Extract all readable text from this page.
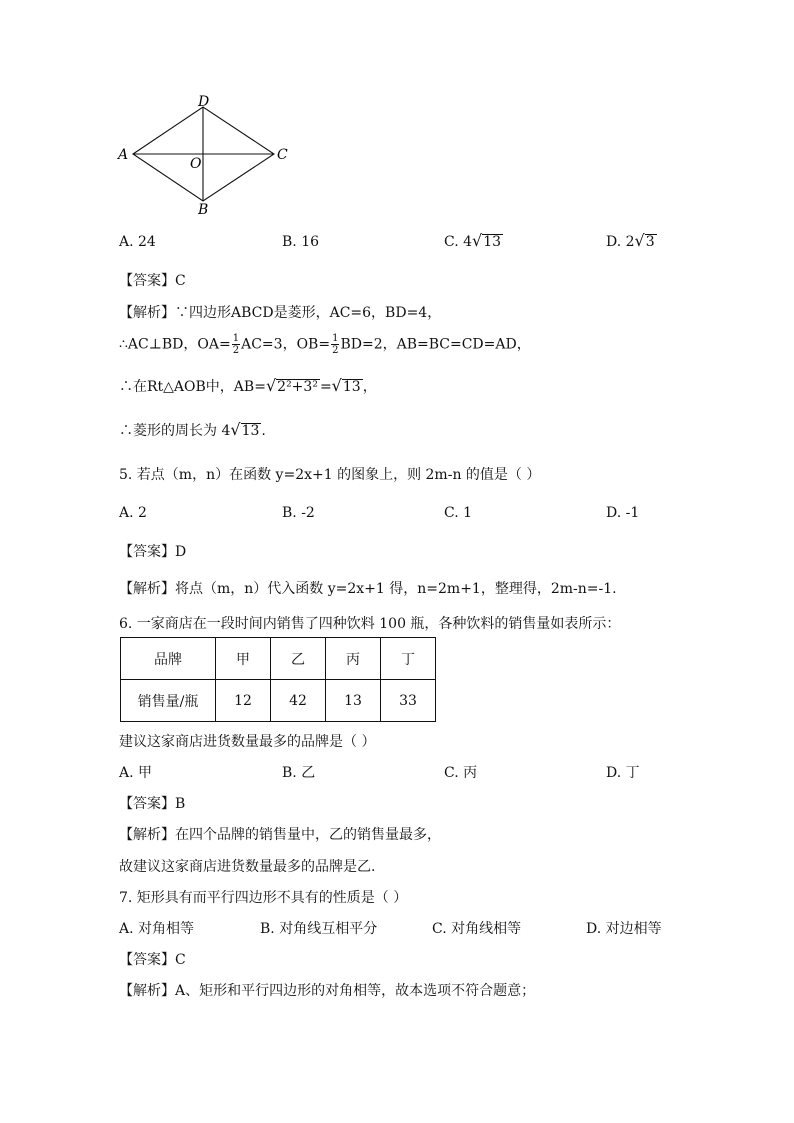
D
A
O
C
B
A. 24	B. 16	C. 4√13	D. 2√3
【答案】C
【解析】∵四边形ABCD是菱形，AC=6，BD=4，
∴AC⊥BD，$OA= \frac{1}{2} AC=3$，$OB= \frac{1}{2} BD=2$，AB=BC=CD=AD，
∴在Rt△AOB中，AB=√2²+3² =√13 ，
∴菱形的周长为 4√13 .
5. 若点（m，n）在函数 y=2x+1 的图象上，则 2m-n 的值是（ ）
A. 2	B. -2	C. 1	D. -1
【答案】D
【解析】将点（m，n）代入函数 y=2x+1 得，n=2m+1，整理得，2m-n=-1.
6. 一家商店在一段时间内销售了四种饮料 100 瓶，各种饮料的销售量如表所示：
品牌	甲	乙	丙	丁
销售量/瓶	12	42	13	33
建议这家商店进货数量最多的品牌是（ ）
A. 甲	B. 乙	C. 丙	D. 丁
【答案】B
【解析】在四个品牌的销售量中，乙的销售量最多，
故建议这家商店进货数量最多的品牌是乙.
7. 矩形具有而平行四边形不具有的性质是（ ）
A. 对角相等	B. 对角线互相平分	C. 对角线相等	D. 对边相等
【答案】C
【解析】A、矩形和平行四边形的对角相等，故本选项不符合题意；
